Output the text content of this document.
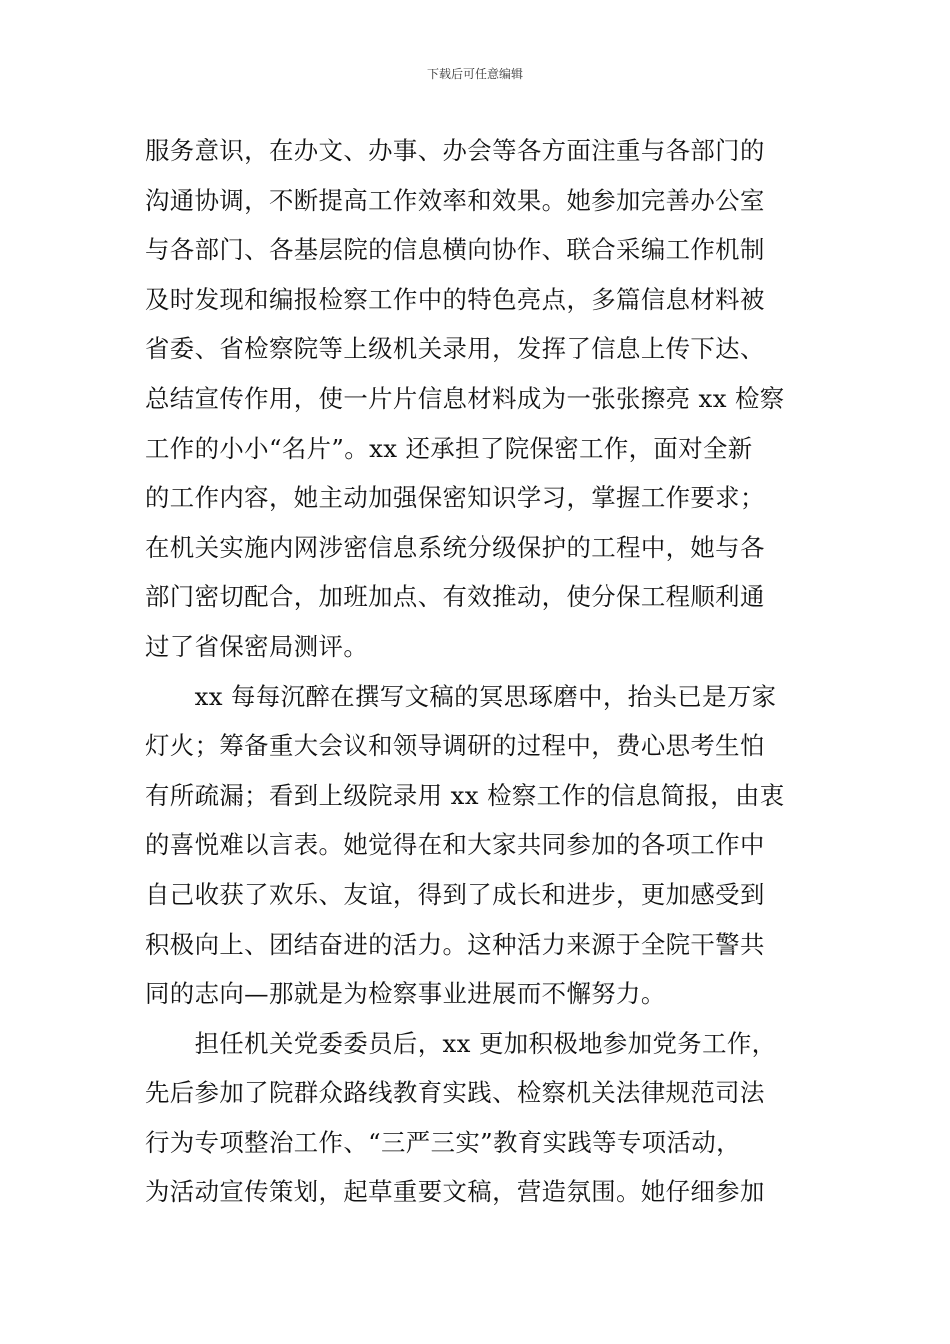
下载后可任意编辑
服务意识，在办文、办事、办会等各方面注重与各部门的
沟通协调，不断提高工作效率和效果。她参加完善办公室
与各部门、各基层院的信息横向协作、联合采编工作机制
及时发现和编报检察工作中的特色亮点，多篇信息材料被
省委、省检察院等上级机关录用，发挥了信息上传下达、
总结宣传作用，使一片片信息材料成为一张张擦亮 xx 检察
工作的小小“名片”。xx 还承担了院保密工作，面对全新
的工作内容，她主动加强保密知识学习，掌握工作要求；
在机关实施内网涉密信息系统分级保护的工程中，她与各
部门密切配合，加班加点、有效推动，使分保工程顺利通
过了省保密局测评。
　　xx 每每沉醉在撰写文稿的冥思琢磨中，抬头已是万家
灯火；筹备重大会议和领导调研的过程中，费心思考生怕
有所疏漏；看到上级院录用 xx 检察工作的信息简报，由衷
的喜悦难以言表。她觉得在和大家共同参加的各项工作中
自己收获了欢乐、友谊，得到了成长和进步，更加感受到
积极向上、团结奋进的活力。这种活力来源于全院干警共
同的志向—那就是为检察事业进展而不懈努力。
　　担任机关党委委员后，xx 更加积极地参加党务工作，
先后参加了院群众路线教育实践、检察机关法律规范司法
行为专项整治工作、“三严三实”教育实践等专项活动，
为活动宣传策划，起草重要文稿，营造氛围。她仔细参加
